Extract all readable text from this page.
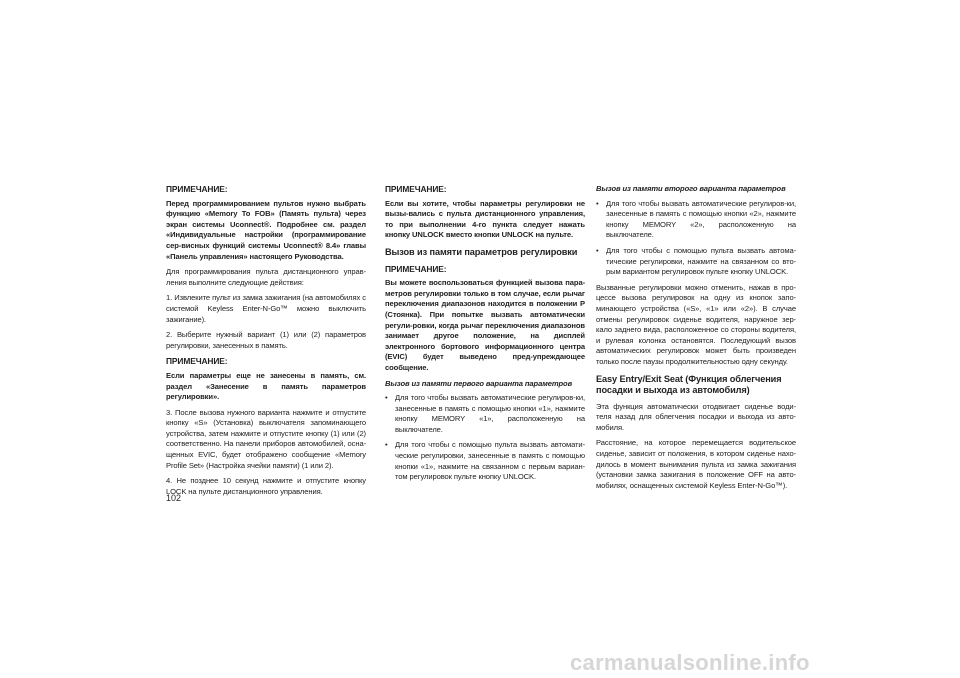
ПРИМЕЧАНИЕ:
Перед программированием пультов нужно выбрать функцию «Memory To FOB» (Память пульта) через экран системы Uconnect®. Подробнее см. раздел «Индивидуальные настройки (программирование сер-висных функций системы Uconnect® 8.4» главы «Панель управления» настоящего Руководства.

Для программирования пульта дистанционного управ-ления выполните следующие действия:

1. Извлеките пульт из замка зажигания (на автомобилях с системой Keyless Enter-N-Go™ можно выключить зажигание).

2. Выберите нужный вариант (1) или (2) параметров регулировки, занесенных в память.

ПРИМЕЧАНИЕ:
Если параметры еще не занесены в память, см. раздел «Занесение в память параметров регулировки».

3. После вызова нужного варианта нажмите и отпустите кнопку «S» (Установка) выключателя запоминающего устройства, затем нажмите и отпустите кнопку (1) или (2) соответственно. На панели приборов автомобилей, осна-щенных EVIC, будет отображено сообщение «Memory Profile Set» (Настройка ячейки памяти) (1 или 2).

4. Не позднее 10 секунд нажмите и отпустите кнопку LOCK на пульте дистанционного управления.

ПРИМЕЧАНИЕ:
Если вы хотите, чтобы параметры регулировки не вызы-вались с пульта дистанционного управления, то при выполнении 4-го пункта следует нажать кнопку UNLOCK вместо кнопки UNLOCK на пульте.
Вызов из памяти параметров регулировки
ПРИМЕЧАНИЕ:
Вы можете воспользоваться функцией вызова пара-метров регулировки только в том случае, если рычаг переключения диапазонов находится в положении P (Стоянка). При попытке вызвать автоматически регули-ровки, когда рычаг переключения диапазонов занимает другое положение, на дисплей электронного бортового информационного центра (EVIC) будет выведено пред-упреждающее сообщение.
Вызов из памяти первого варианта параметров
• Для того чтобы вызвать автоматические регулиров-ки, занесенные в память с помощью кнопки «1», нажмите кнопку MEMORY «1», расположенную на выключателе.
• Для того чтобы с помощью пульта вызвать автомати-ческие регулировки, занесенные в память с помощью кнопки «1», нажмите на связанном с первым вариан-том регулировок пульте кнопку UNLOCK.
Вызов из памяти второго варианта параметров
• Для того чтобы вызвать автоматические регулиров-ки, занесенные в память с помощью кнопки «2», нажмите кнопку MEMORY «2», расположенную на выключателе.
• Для того чтобы с помощью пульта вызвать автома-тические регулировки, нажмите на связанном со вто-рым вариантом регулировок пульте кнопку UNLOCK.

Вызванные регулировки можно отменить, нажав в про-цессе вызова регулировок на одну из кнопок запо-минающего устройства («S», «1» или «2»). В случае отмены регулировок сиденье водителя, наружное зер-кало заднего вида, расположенное со стороны водителя, и рулевая колонка остановятся. Последующий вызов автоматических регулировок может быть произведен только после паузы продолжительностью одну секунду.

Easy Entry/Exit Seat (Функция облегчения посадки и выхода из автомобиля)

Эта функция автоматически отодвигает сиденье води-теля назад для облегчения посадки и выхода из авто-мобиля.

Расстояние, на которое перемещается водительское сиденье, зависит от положения, в котором сиденье нахо-дилось в момент вынимания пульта из замка зажигания (установки замка зажигания в положение OFF на авто-мобилях, оснащенных системой Keyless Enter-N-Go™).

102
carmanualsonline.info
